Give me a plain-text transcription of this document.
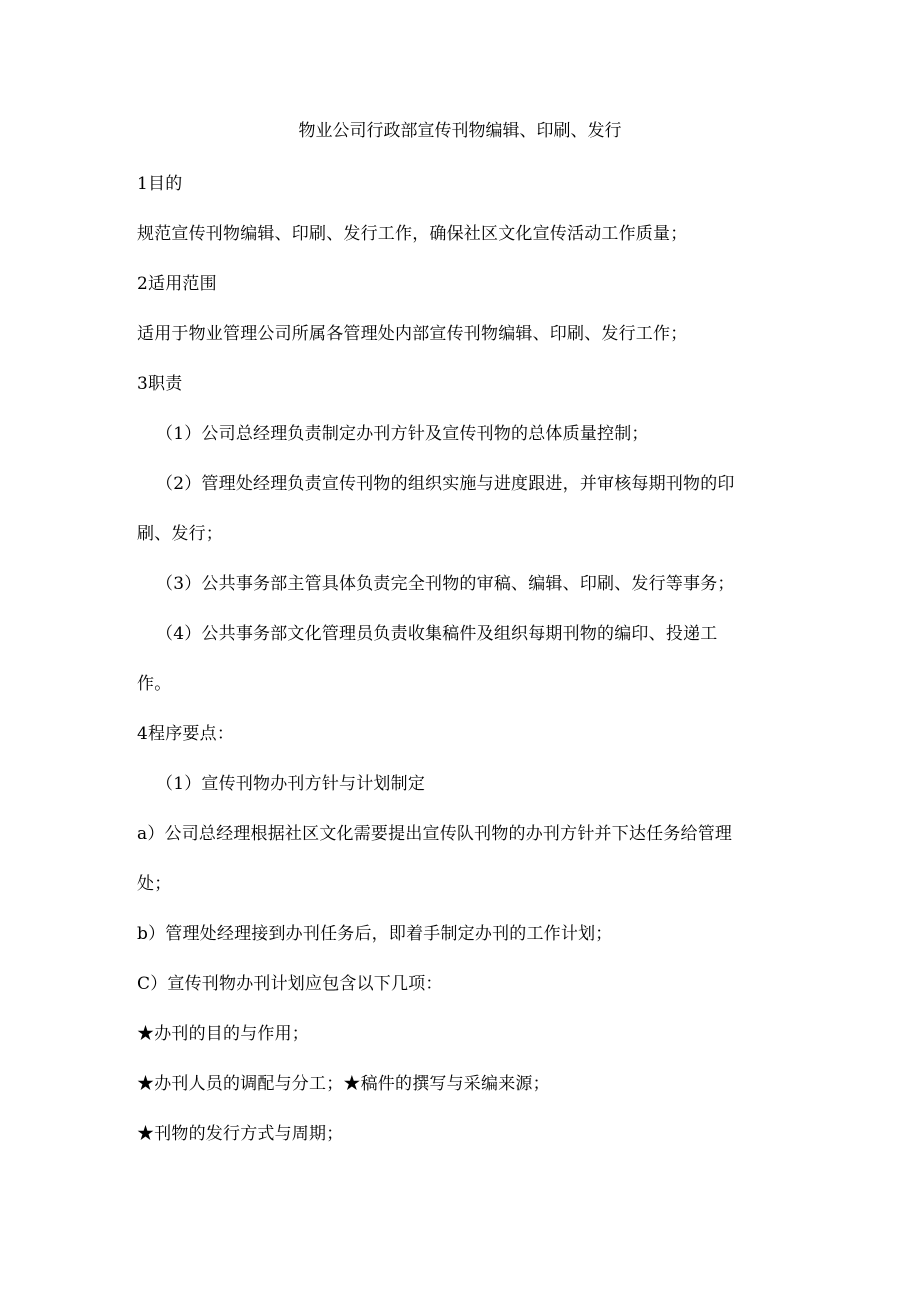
物业公司行政部宣传刊物编辑、印刷、发行
1目的
规范宣传刊物编辑、印刷、发行工作，确保社区文化宣传活动工作质量；
2适用范围
适用于物业管理公司所属各管理处内部宣传刊物编辑、印刷、发行工作；
3职责
（1）公司总经理负责制定办刊方针及宣传刊物的总体质量控制；
（2）管理处经理负责宣传刊物的组织实施与进度跟进，并审核每期刊物的印
刷、发行；
（3）公共事务部主管具体负责完全刊物的审稿、编辑、印刷、发行等事务；
（4）公共事务部文化管理员负责收集稿件及组织每期刊物的编印、投递工
作。
4程序要点：
（1）宣传刊物办刊方针与计划制定
a）公司总经理根据社区文化需要提出宣传队刊物的办刊方针并下达任务给管理
处；
b）管理处经理接到办刊任务后，即着手制定办刊的工作计划；
C）宣传刊物办刊计划应包含以下几项：
★办刊的目的与作用；
★办刊人员的调配与分工；★稿件的撰写与采编来源；
★刊物的发行方式与周期；
